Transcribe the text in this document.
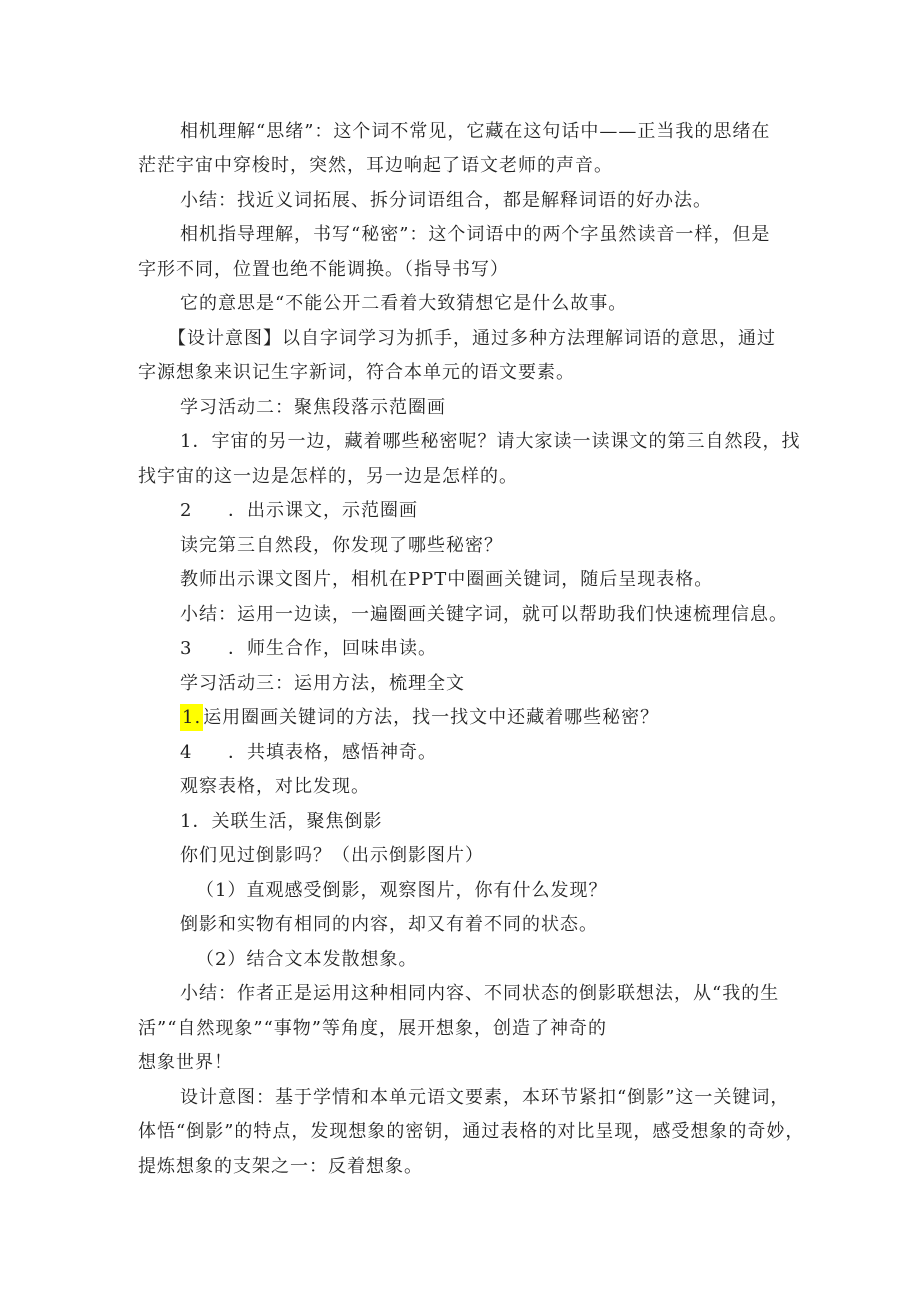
相机理解“思绪”：这个词不常见，它藏在这句话中——正当我的思绪在
茫茫宇宙中穿梭时，突然，耳边响起了语文老师的声音。
小结：找近义词拓展、拆分词语组合，都是解释词语的好办法。
相机指导理解，书写“秘密”：这个词语中的两个字虽然读音一样，但是
字形不同，位置也绝不能调换。（指导书写）
它的意思是“不能公开二看着大致猜想它是什么故事。
【设计意图】以自字词学习为抓手，通过多种方法理解词语的意思，通过
字源想象来识记生字新词，符合本单元的语文要素。
学习活动二：聚焦段落示范圈画
1．宇宙的另一边，藏着哪些秘密呢？请大家读一读课文的第三自然段，找
找宇宙的这一边是怎样的，另一边是怎样的。
2 ．出示课文，示范圈画
读完第三自然段，你发现了哪些秘密？
教师出示课文图片，相机在PPT中圈画关键词，随后呈现表格。
小结：运用一边读，一遍圈画关键字词，就可以帮助我们快速梳理信息。
3 ．师生合作，回味串读。
学习活动三：运用方法，梳理全文
1. 运用圈画关键词的方法，找一找文中还藏着哪些秘密？
4 ．共填表格，感悟神奇。
观察表格，对比发现。
1．关联生活，聚焦倒影
你们见过倒影吗？（出示倒影图片）
（1）直观感受倒影，观察图片，你有什么发现？
倒影和实物有相同的内容，却又有着不同的状态。
（2）结合文本发散想象。
小结：作者正是运用这种相同内容、不同状态的倒影联想法，从“我的生
活”“自然现象”“事物”等角度，展开想象，创造了神奇的
想象世界！
设计意图：基于学情和本单元语文要素，本环节紧扣“倒影”这一关键词，
体悟“倒影”的特点，发现想象的密钥，通过表格的对比呈现，感受想象的奇妙，
提炼想象的支架之一：反着想象。
